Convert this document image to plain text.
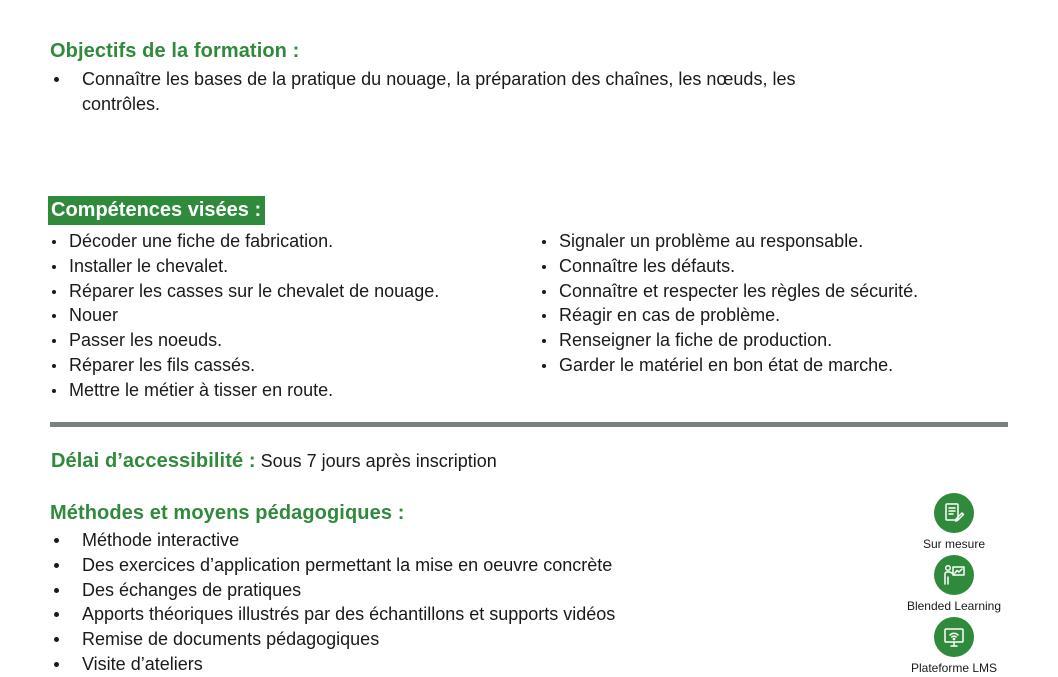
Objectifs de la formation :
Connaître les bases de la pratique du nouage, la préparation des chaînes, les nœuds, les
contrôles.
Compétences visées :
Décoder une fiche de fabrication.
Installer le chevalet.
Réparer les casses sur le chevalet de nouage.
Nouer
Passer les noeuds.
Réparer les fils cassés.
Mettre le métier à tisser en route.
Signaler un problème au responsable.
Connaître les défauts.
Connaître et respecter les règles de sécurité.
Réagir en cas de problème.
Renseigner la fiche de production.
Garder le matériel en bon état de marche.
Délai d’accessibilité : Sous 7 jours après inscription
Méthodes et moyens pédagogiques :
Méthode interactive
Des exercices d’application permettant la mise en oeuvre concrète
Des échanges de pratiques
Apports théoriques illustrés par des échantillons et supports vidéos
Remise de documents pédagogiques
Visite d’ateliers
Sur mesure
Blended Learning
Plateforme LMS
